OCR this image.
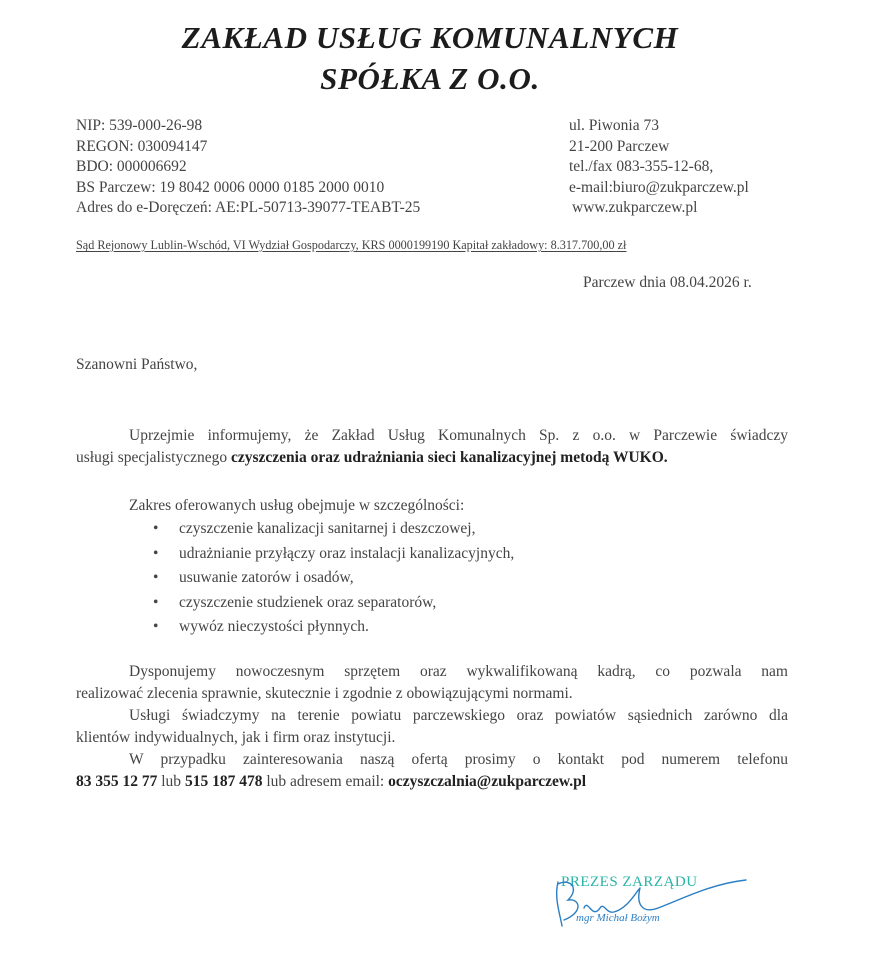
ZAKŁAD USŁUG KOMUNALNYCH
SPÓŁKA Z O.O.
NIP: 539-000-26-98
REGON: 030094147
BDO: 000006692
BS Parczew: 19 8042 0006 0000 0185 2000 0010
Adres do e-Doręczeń: AE:PL-50713-39077-TEABT-25
ul. Piwonia 73
21-200 Parczew
tel./fax 083-355-12-68,
e-mail:biuro@zukparczew.pl
www.zukparczew.pl
Sąd Rejonowy Lublin-Wschód, VI Wydział Gospodarczy, KRS 0000199190 Kapitał zakładowy: 8.317.700,00 zł
Parczew dnia 08.04.2026 r.
Szanowni Państwo,
Uprzejmie informujemy, że Zakład Usług Komunalnych Sp. z o.o. w Parczewie świadczy
usługi specjalistycznego czyszczenia oraz udrażniania sieci kanalizacyjnej metodą WUKO.
Zakres oferowanych usług obejmuje w szczególności:
• czyszczenie kanalizacji sanitarnej i deszczowej,
• udrażnianie przyłączy oraz instalacji kanalizacyjnych,
• usuwanie zatorów i osadów,
• czyszczenie studzienek oraz separatorów,
• wywóz nieczystości płynnych.
Dysponujemy nowoczesnym sprzętem oraz wykwalifikowaną kadrą, co pozwala nam
realizować zlecenia sprawnie, skutecznie i zgodnie z obowiązującymi normami.
Usługi świadczymy na terenie powiatu parczewskiego oraz powiatów sąsiednich zarówno dla
klientów indywidualnych, jak i firm oraz instytucji.
W przypadku zainteresowania naszą ofertą prosimy o kontakt pod numerem telefonu
83 355 12 77 lub 515 187 478 lub adresem email: oczyszczalnia@zukparczew.pl
PREZES ZARZĄDU
mgr Michał Bożym
